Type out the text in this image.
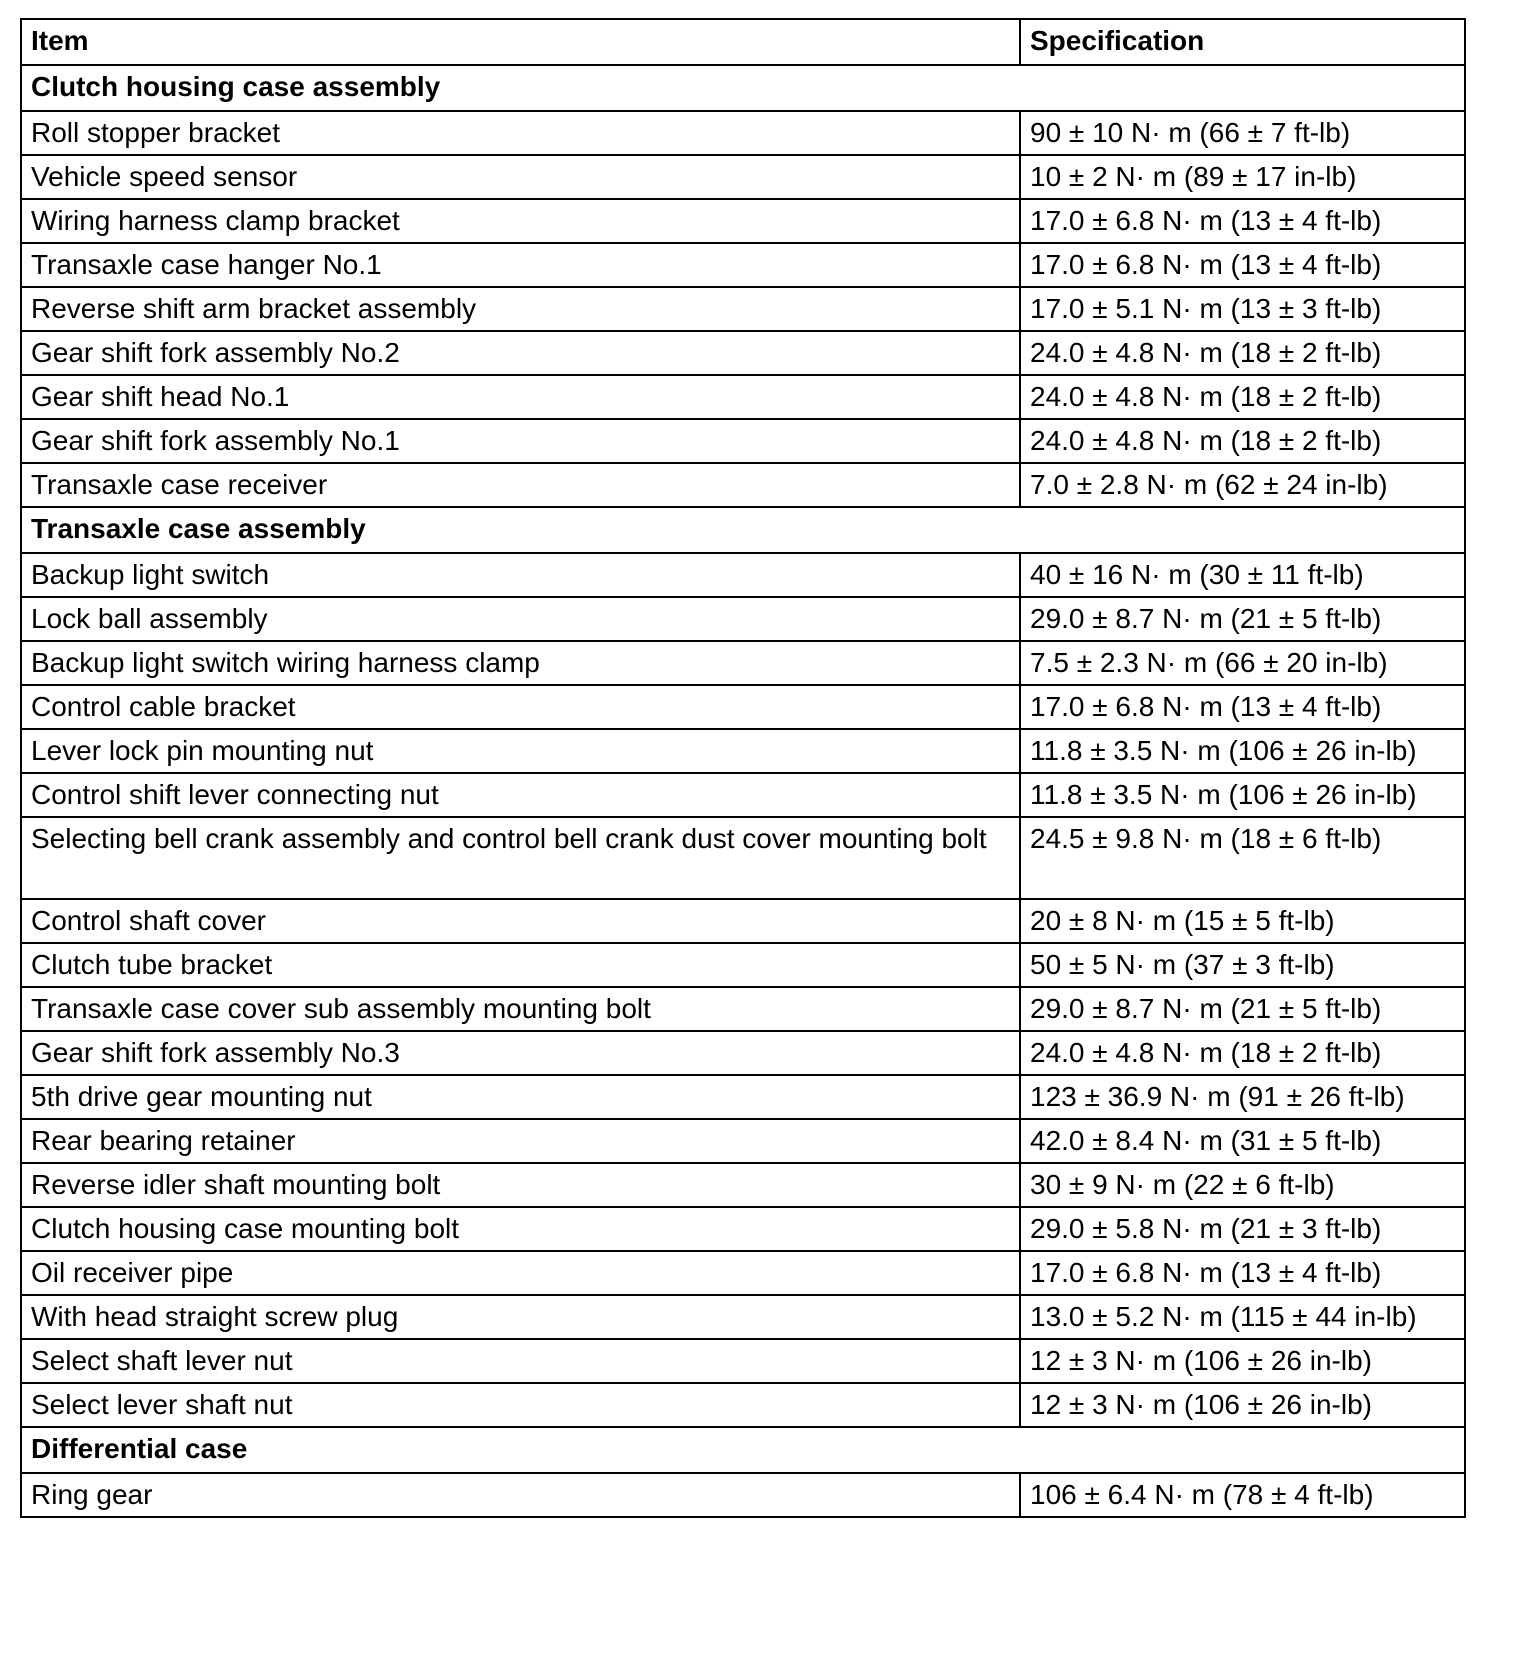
Item	Specification
Clutch housing case assembly	
Roll stopper bracket	90 ± 10 N· m (66 ± 7 ft-lb)
Vehicle speed sensor	10 ± 2 N· m (89 ± 17 in-lb)
Wiring harness clamp bracket	17.0 ± 6.8 N· m (13 ± 4 ft-lb)
Transaxle case hanger No.1	17.0 ± 6.8 N· m (13 ± 4 ft-lb)
Reverse shift arm bracket assembly	17.0 ± 5.1 N· m (13 ± 3 ft-lb)
Gear shift fork assembly No.2	24.0 ± 4.8 N· m (18 ± 2 ft-lb)
Gear shift head No.1	24.0 ± 4.8 N· m (18 ± 2 ft-lb)
Gear shift fork assembly No.1	24.0 ± 4.8 N· m (18 ± 2 ft-lb)
Transaxle case receiver	7.0 ± 2.8 N· m (62 ± 24 in-lb)
Transaxle case assembly	
Backup light switch	40 ± 16 N· m (30 ± 11 ft-lb)
Lock ball assembly	29.0 ± 8.7 N· m (21 ± 5 ft-lb)
Backup light switch wiring harness clamp	7.5 ± 2.3 N· m (66 ± 20 in-lb)
Control cable bracket	17.0 ± 6.8 N· m (13 ± 4 ft-lb)
Lever lock pin mounting nut	11.8 ± 3.5 N· m (106 ± 26 in-lb)
Control shift lever connecting nut	11.8 ± 3.5 N· m (106 ± 26 in-lb)
Selecting bell crank assembly and control bell crank dust cover mounting bolt	24.5 ± 9.8 N· m (18 ± 6 ft-lb)
Control shaft cover	20 ± 8 N· m (15 ± 5 ft-lb)
Clutch tube bracket	50 ± 5 N· m (37 ± 3 ft-lb)
Transaxle case cover sub assembly mounting bolt	29.0 ± 8.7 N· m (21 ± 5 ft-lb)
Gear shift fork assembly No.3	24.0 ± 4.8 N· m (18 ± 2 ft-lb)
5th drive gear mounting nut	123 ± 36.9 N· m (91 ± 26 ft-lb)
Rear bearing retainer	42.0 ± 8.4 N· m (31 ± 5 ft-lb)
Reverse idler shaft mounting bolt	30 ± 9 N· m (22 ± 6 ft-lb)
Clutch housing case mounting bolt	29.0 ± 5.8 N· m (21 ± 3 ft-lb)
Oil receiver pipe	17.0 ± 6.8 N· m (13 ± 4 ft-lb)
With head straight screw plug	13.0 ± 5.2 N· m (115 ± 44 in-lb)
Select shaft lever nut	12 ± 3 N· m (106 ± 26 in-lb)
Select lever shaft nut	12 ± 3 N· m (106 ± 26 in-lb)
Differential case	
Ring gear	106 ± 6.4 N· m (78 ± 4 ft-lb)
